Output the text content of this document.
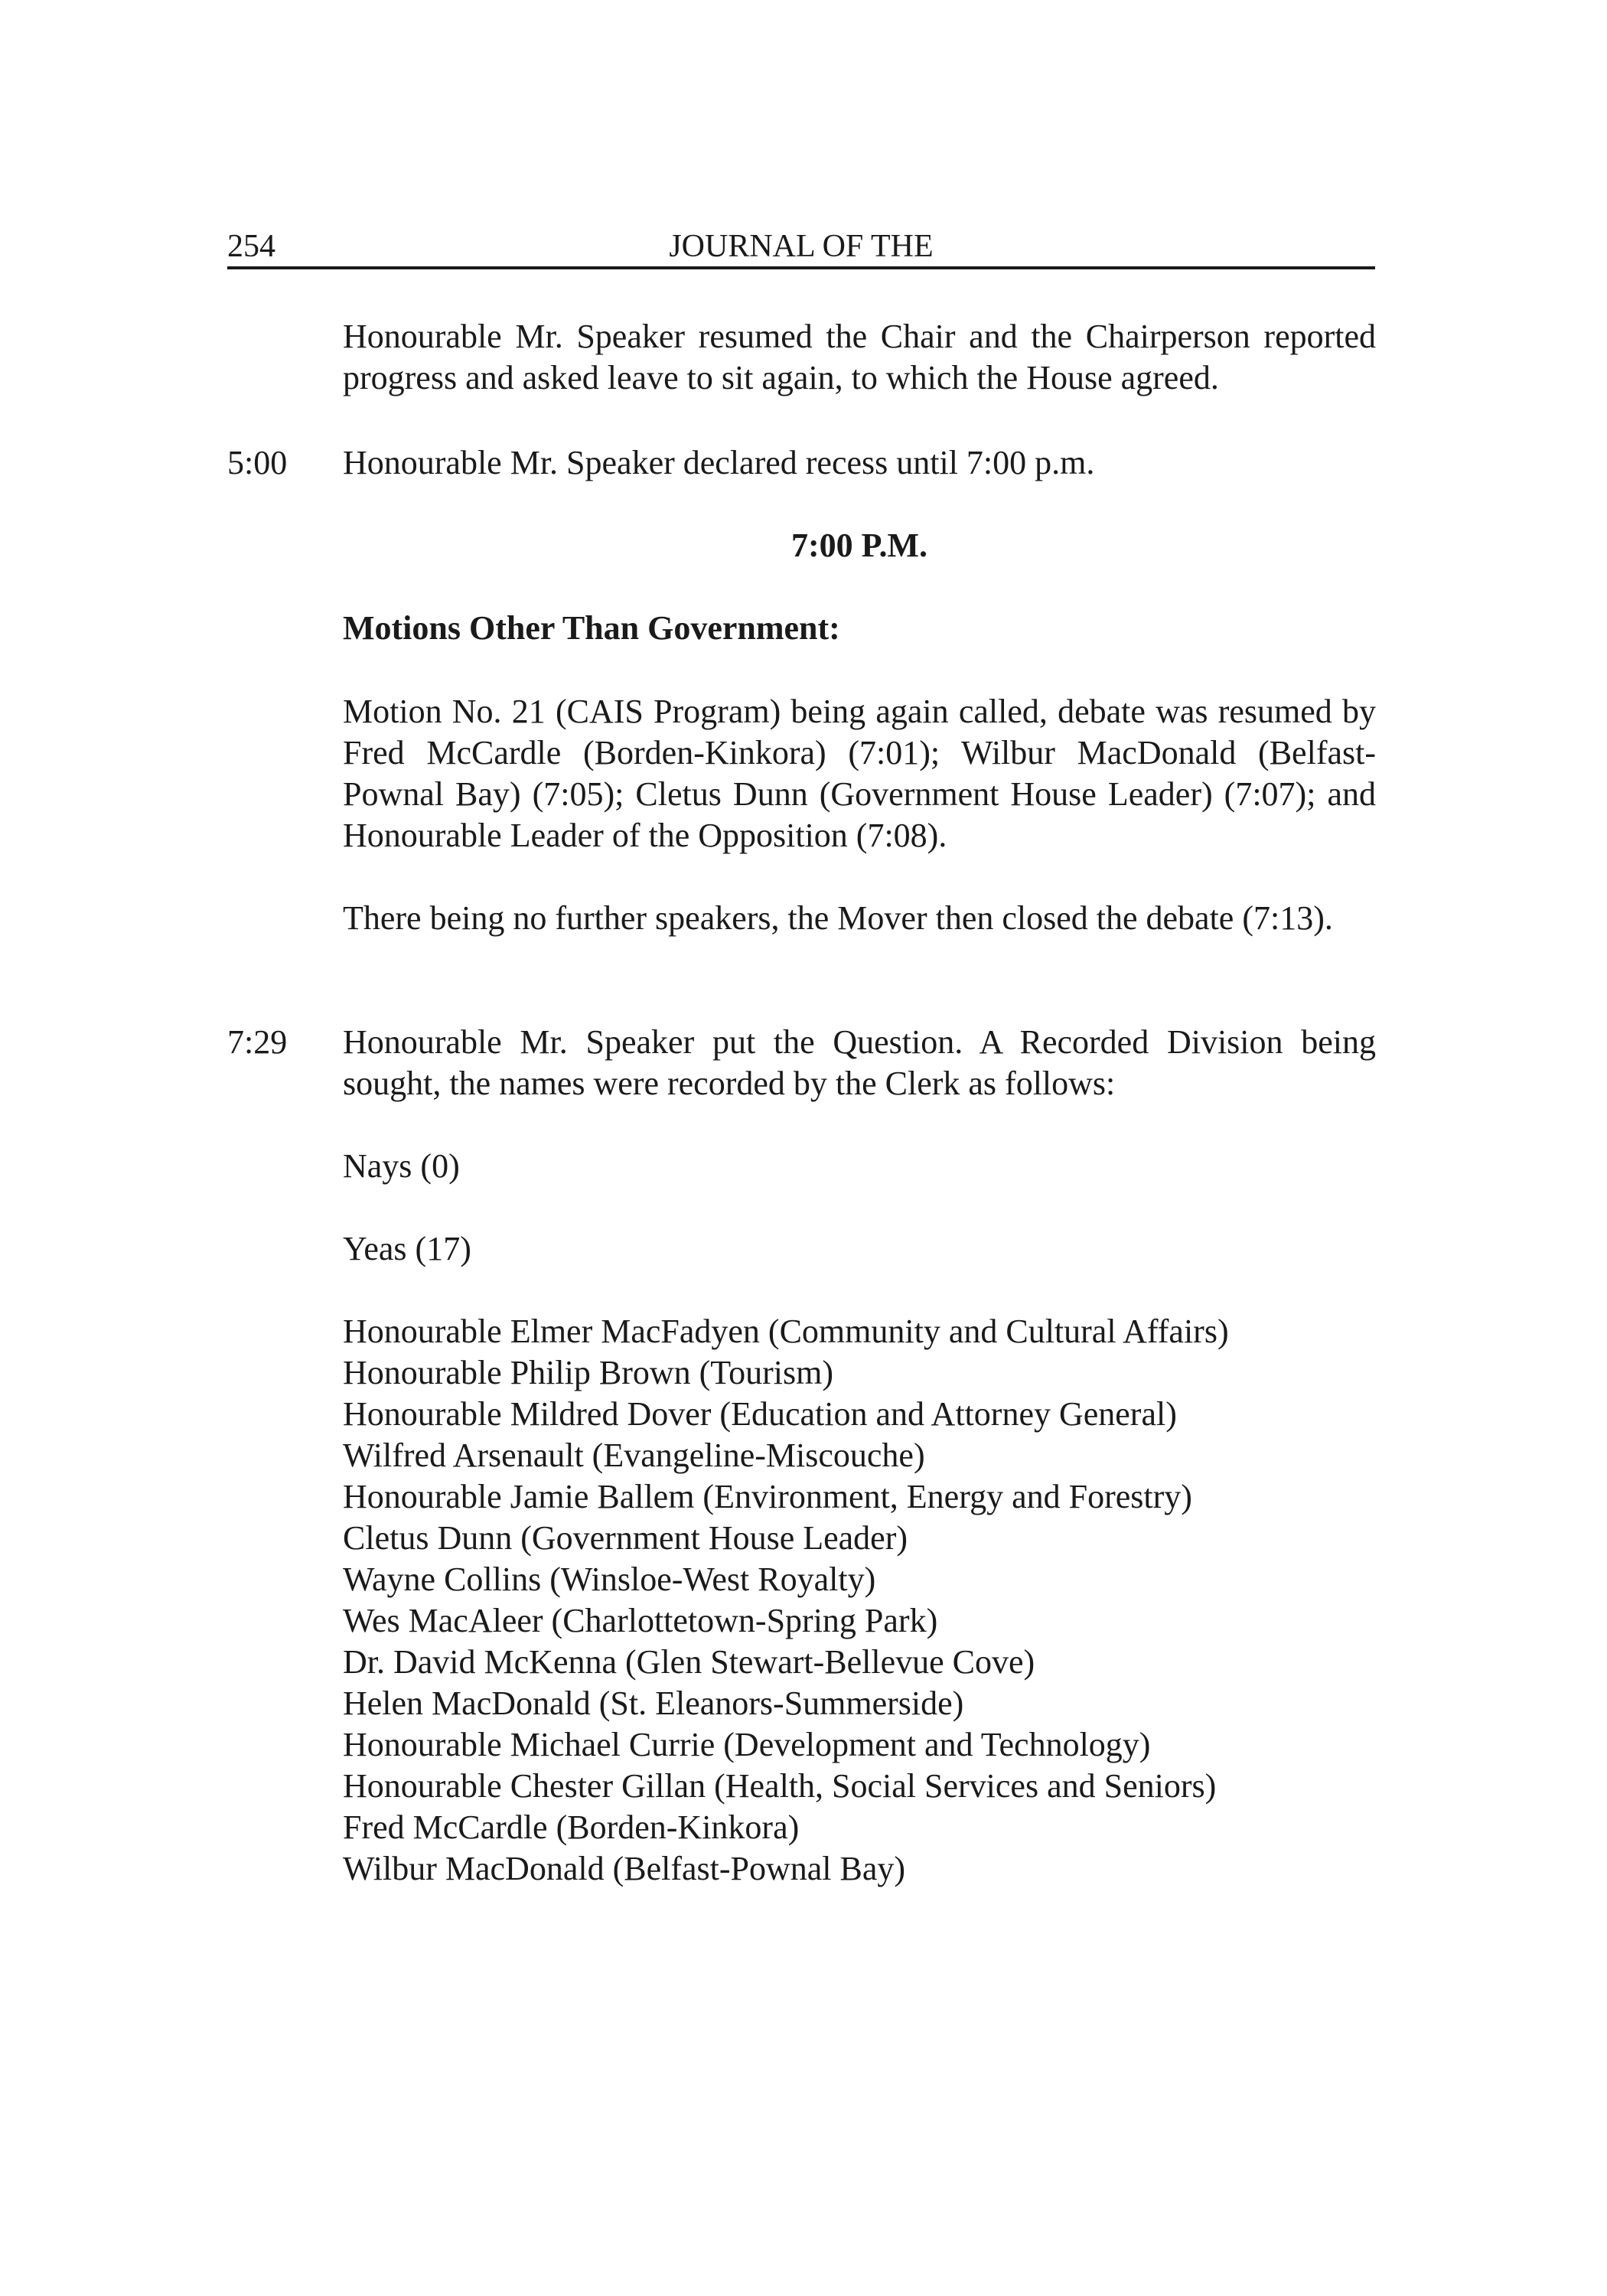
254	JOURNAL OF THE
Honourable Mr. Speaker resumed the Chair and the Chairperson reported
progress and asked leave to sit again, to which the House agreed.
5:00 Honourable Mr. Speaker declared recess until 7:00 p.m.
7:00 P.M.
Motions Other Than Government:
Motion No. 21 (CAIS Program) being again called, debate was resumed by
Fred McCardle (Borden-Kinkora) (7:01); Wilbur MacDonald (Belfast-
Pownal Bay) (7:05); Cletus Dunn (Government House Leader) (7:07); and
Honourable Leader of the Opposition (7:08).
There being no further speakers, the Mover then closed the debate (7:13).
7:29 Honourable Mr. Speaker put the Question. A Recorded Division being
sought, the names were recorded by the Clerk as follows:
Nays (0)
Yeas (17)
Honourable Elmer MacFadyen (Community and Cultural Affairs)
Honourable Philip Brown (Tourism)
Honourable Mildred Dover (Education and Attorney General)
Wilfred Arsenault (Evangeline-Miscouche)
Honourable Jamie Ballem (Environment, Energy and Forestry)
Cletus Dunn (Government House Leader)
Wayne Collins (Winsloe-West Royalty)
Wes MacAleer (Charlottetown-Spring Park)
Dr. David McKenna (Glen Stewart-Bellevue Cove)
Helen MacDonald (St. Eleanors-Summerside)
Honourable Michael Currie (Development and Technology)
Honourable Chester Gillan (Health, Social Services and Seniors)
Fred McCardle (Borden-Kinkora)
Wilbur MacDonald (Belfast-Pownal Bay)
